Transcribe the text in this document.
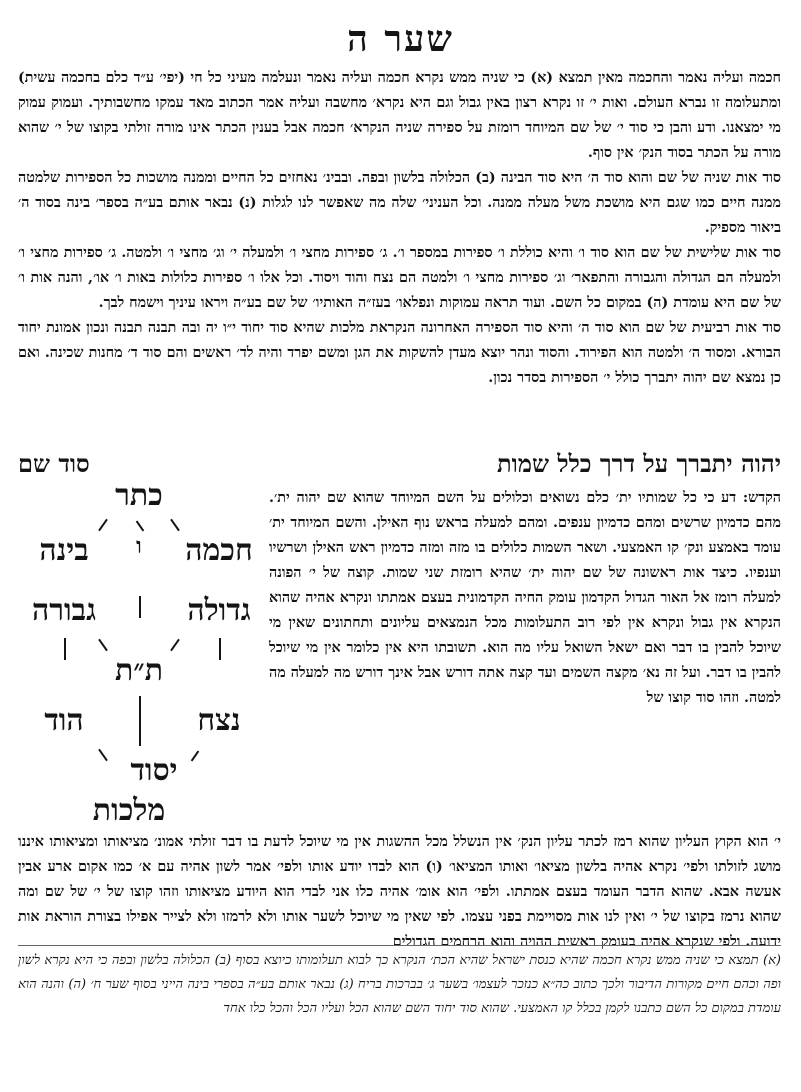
שער ה

חכמה ועליה נאמר והחכמה מאין תמצא (א) כי שניה ממש נקרא חכמה ועליה נאמר ונעלמה מעיני כל חי (יפי׳ ע״ד כלם בחכמה עשית) ומתעלומה זו נברא העולם. ואות י׳ זו נקרא רצון באין גבול וגם היא נקרא׳ מחשבה ועליה אמר הכתוב מאד עמקו מחשבותיך. ועמוק עמוק מי ימצאנו. ודע והבן כי סוד י׳ של שם המיוחד רומזת על ספירה שניה הנקרא׳ חכמה אבל בענין הכתר אינו מורה זולתי בקוצו של י׳ שהוא מורה על הכתר בסוד הנק׳ אין סוף.

סוד אות שניה של שם והוא סוד ה׳ היא סוד הבינה (ב) הכלולה בלשון ובפה. ובבינ׳ נאחזים כל החיים וממנה מושכות כל הספירות שלמטה ממנה חיים כמו שגם היא מושכת משל מעלה ממנה. וכל העניני׳ שלה מה שאפשר לנו לגלות (נ) נבאר אותם בע״ה בספר׳ בינה בסוד ה׳ ביאור מספיק.

סוד אות שלישית של שם הוא סוד ו׳ והיא כוללת ו׳ ספירות במספר ו׳. ג׳ ספירות מחצי ו׳ ולמעלה י׳ וג׳ מחצי ו׳ ולמטה. ג׳ ספירות מחצי ו׳ ולמעלה הם הגדולה והגבורה והתפאר׳ וג׳ ספירות מחצי ו׳ ולמטה הם נצח והוד ויסוד. וכל אלו ו׳ ספירות כלולות באות ו׳ או׳, והנה אות ו׳ של שם היא עומדת (ה) במקום כל השם. ועוד תראה עמוקות ונפלאו׳ בעז״ה האותיו׳ של שם בע״ה ויראו עיניך וישמח לבך.

סוד אות רביעית של שם הוא סוד ה׳ והיא סוד הספירה האחרונה הנקראת מלכות שהיא סוד יחוד י״ו יה ובה תבנה תבנה ונכון אמונת יחוד הבורא. ומסוד ה׳ ולמטה הוא הפירוד. והסוד ונהר יוצא מעדן להשקות את הגן ומשם יפרד והיה לד׳ ראשים והם סוד ד׳ מחנות שכינה. ואם כן נמצא שם יהוה יתברך כולל י׳ הספירות בסדר נכון.

סוד שם	יהוה יתברך על דרך כלל שמות
כתר
בינה	חכמה
ו
גבורה	גדולה
ת״ת
הוד	נצח
יסוד
מלכות

הקדש: דע כי כל שמותיו ית׳ כלם נשואים וכלולים על השם המיוחד שהוא שם יהוה ית׳. מהם כדמיון שרשים ומהם כדמיון ענפים. ומהם למעלה בראש נוף האילן. והשם המיוחד ית׳ עומד באמצע ונק׳ קו האמצעי. ושאר השמות כלולים בו מזה ומזה כדמיון ראש האילן ושרשיו וענפיו. כיצד אות ראשונה של שם יהוה ית׳ שהיא רומזת שני שמות. קוצה של י׳ הפונה למעלה רומז אל האור הגדול הקדמון עומק החיה הקדמונית בעצם אמתתו ונקרא אהיה שהוא הנקרא אין גבול ונקרא אין לפי רוב התעלומות מכל הנמצאים עליונים ותחתונים שאין מי שיוכל להבין בו דבר ואם ישאל השואל עליו מה הוא. תשובתו היא אין כלומר אין מי שיוכל להבין בו דבר. ועל זה נא׳ מקצה השמים ועד קצה אתה דורש אבל אינך דורש מה למעלה מה למטה. וזהו סוד קוצו של

י׳ הוא הקוץ העליון שהוא רמז לכתר עליון הנק׳ אין הנשלל מכל ההשגות אין מי שיוכל לדעת בו דבר זולתי אמונ׳ מציאותו ומציאותו איננו מושג לזולתו ולפי׳ נקרא אהיה בלשון מציאו׳ ואותו המציאו׳ (ו) הוא לבדו יודע אותו ולפי׳ אמר לשון אהיה עם א׳ כמו אקום ארע אבין אעשה אבא. שהוא הדבר העומד בעצם אמתתו. ולפי׳ הוא אומ׳ אהיה כלו אני לבדי הוא היודע מציאותו וזהו קוצו של י׳ של שם ומה שהוא נרמז בקוצו של י׳ ואין לנו אות מסויימת בפני עצמו. לפי שאין מי שיוכל לשער אותו ולא לרמזו ולא לצייר אפילו בצורת הוראת אות ידועה. ולפי שנקרא אהיה בעומק ראשית ההויה והוא הרחמים הגדולים

(א) תמצא כי שניה ממש נקרא חכמה שהיא כנסת ישראל שהיא הכת׳ הנקרא כך לבוא תעלומותו כיוצא בסוף (ב) הכלולה בלשון ובפה כי היא נקרא לשון ופה וכהם חיים מקורות הדיבור ולכך כתוב כה״א כנזכר לעצמו׳ בשער ג׳ בברכות בריח (ג) נבאר אותם בע״ה בספרי בינה הייני בסוף שער ח׳ (ה) והנה הוא עומדת במקום כל השם כתבנו לקמן בכלל קו האמצעי. שהוא סוד יחוד השם שהוא הכל ועליו הכל והכל כלו אחד
